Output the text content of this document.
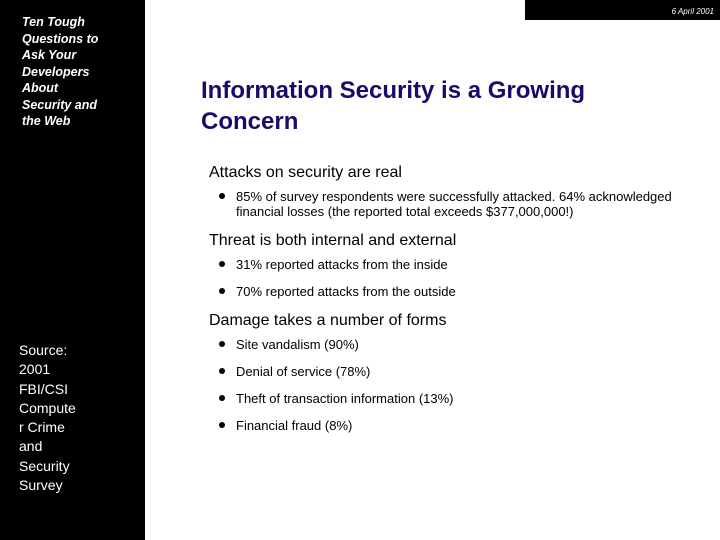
Ten Tough
Questions to
Ask Your
Developers
About
Security and
the Web
Source:
2001
FBI/CSI
Compute
r Crime
and
Security
Survey
6 April 2001
Information Security is a Growing Concern
Attacks on security are real
85% of survey respondents were successfully attacked. 64% acknowledged financial losses (the reported total exceeds $377,000,000!)
Threat is both internal and external
31% reported attacks from the inside
70% reported attacks from the outside
Damage takes a number of forms
Site vandalism (90%)
Denial of service (78%)
Theft of transaction information (13%)
Financial fraud (8%)
